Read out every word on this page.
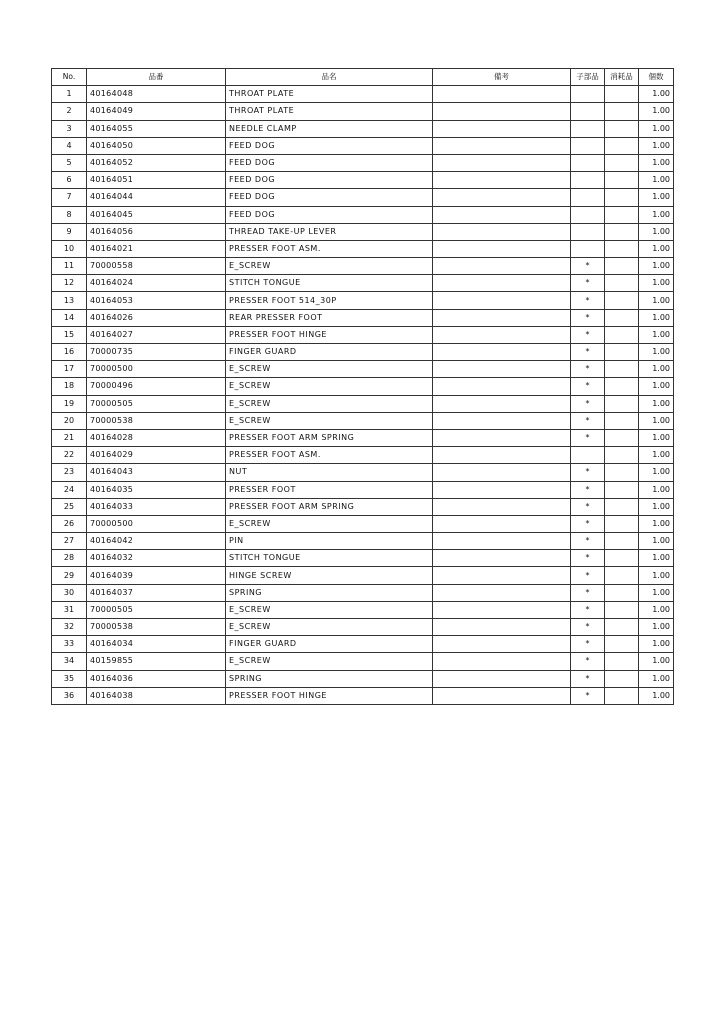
No.	品番	品名	備考	子部品	消耗品	個数
1	40164048	THROAT PLATE				1.00
2	40164049	THROAT PLATE				1.00
3	40164055	NEEDLE CLAMP				1.00
4	40164050	FEED DOG				1.00
5	40164052	FEED DOG				1.00
6	40164051	FEED DOG				1.00
7	40164044	FEED DOG				1.00
8	40164045	FEED DOG				1.00
9	40164056	THREAD TAKE-UP LEVER				1.00
10	40164021	PRESSER FOOT ASM.				1.00
11	70000558	E_SCREW		*		1.00
12	40164024	STITCH TONGUE		*		1.00
13	40164053	PRESSER FOOT 514_30P		*		1.00
14	40164026	REAR PRESSER FOOT		*		1.00
15	40164027	PRESSER FOOT HINGE		*		1.00
16	70000735	FINGER GUARD		*		1.00
17	70000500	E_SCREW		*		1.00
18	70000496	E_SCREW		*		1.00
19	70000505	E_SCREW		*		1.00
20	70000538	E_SCREW		*		1.00
21	40164028	PRESSER FOOT ARM SPRING		*		1.00
22	40164029	PRESSER FOOT ASM.				1.00
23	40164043	NUT		*		1.00
24	40164035	PRESSER FOOT		*		1.00
25	40164033	PRESSER FOOT ARM SPRING		*		1.00
26	70000500	E_SCREW		*		1.00
27	40164042	PIN		*		1.00
28	40164032	STITCH TONGUE		*		1.00
29	40164039	HINGE SCREW		*		1.00
30	40164037	SPRING		*		1.00
31	70000505	E_SCREW		*		1.00
32	70000538	E_SCREW		*		1.00
33	40164034	FINGER GUARD		*		1.00
34	40159855	E_SCREW		*		1.00
35	40164036	SPRING		*		1.00
36	40164038	PRESSER FOOT HINGE		*		1.00
